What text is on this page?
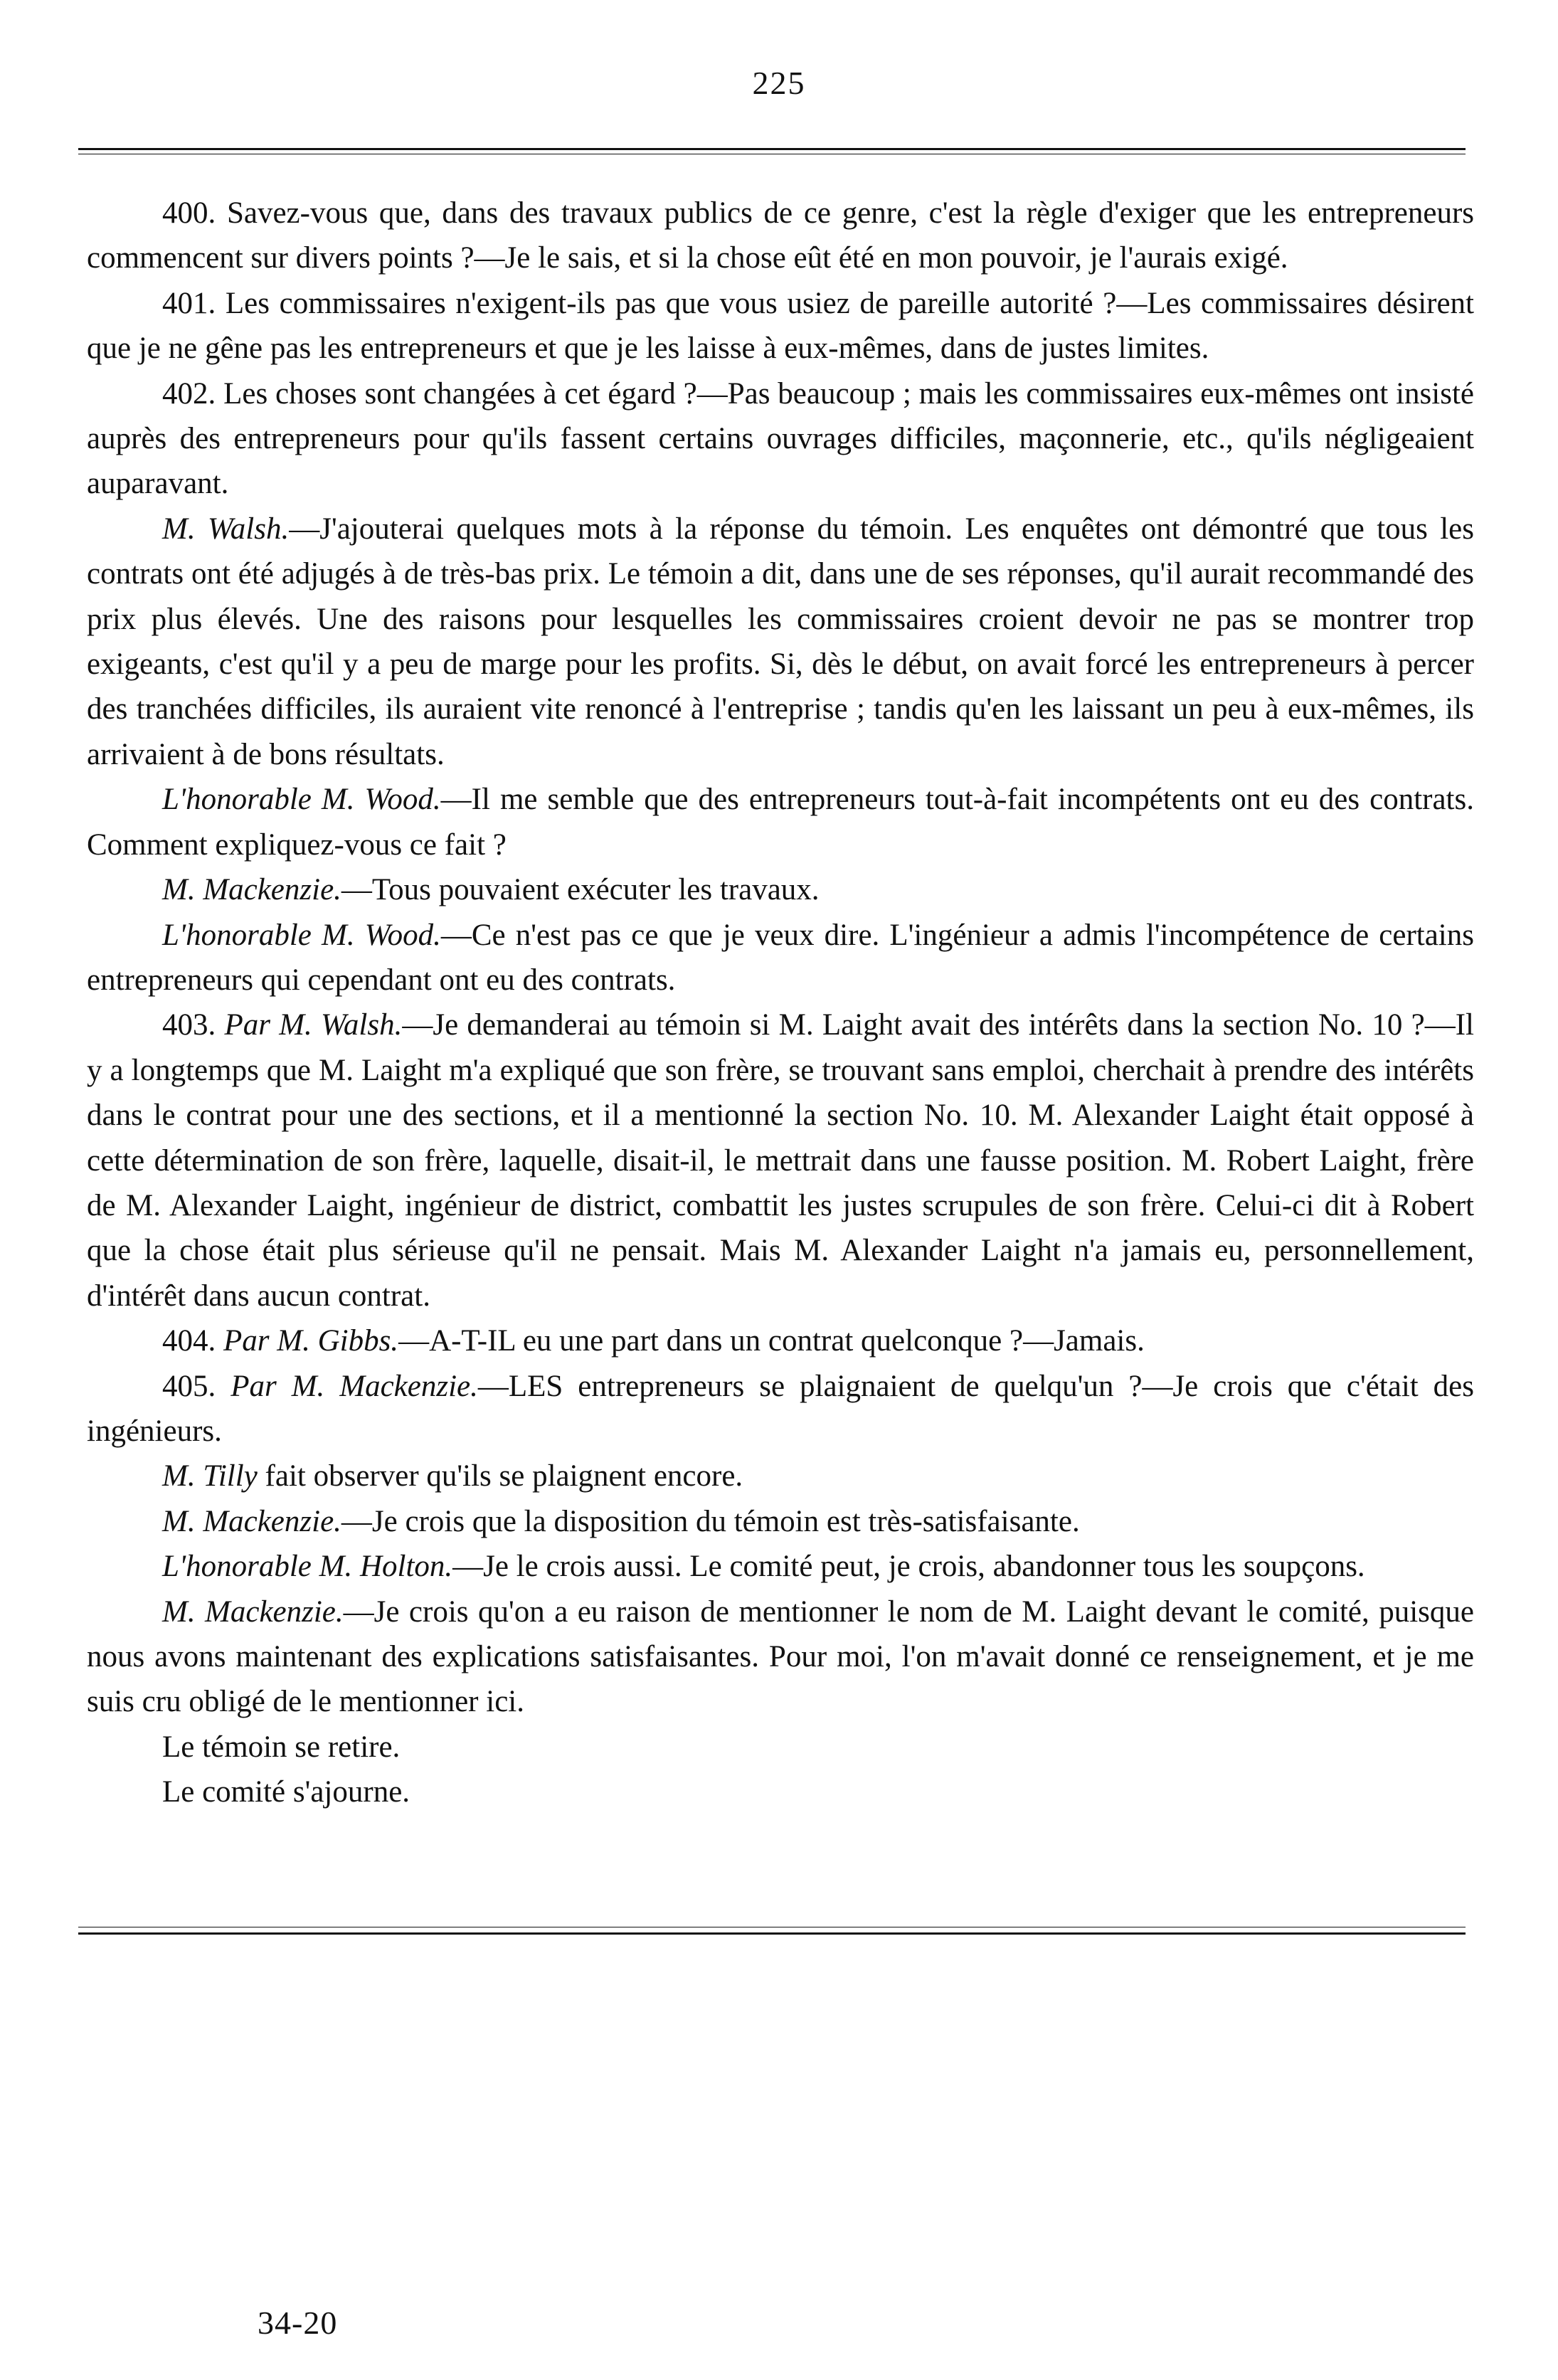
225

400. Savez-vous que, dans des travaux publics de ce genre, c'est la règle d'exiger que les entrepreneurs commencent sur divers points ?—Je le sais, et si la chose eût été en mon pouvoir, je l'aurais exigé.

401. Les commissaires n'exigent-ils pas que vous usiez de pareille autorité ?—Les commissaires désirent que je ne gêne pas les entrepreneurs et que je les laisse à eux-mêmes, dans de justes limites.

402. Les choses sont changées à cet égard ?—Pas beaucoup ; mais les commissaires eux-mêmes ont insisté auprès des entrepreneurs pour qu'ils fassent certains ouvrages difficiles, maçonnerie, etc., qu'ils négligeaient auparavant.

M. Walsh.—J'ajouterai quelques mots à la réponse du témoin. Les enquêtes ont démontré que tous les contrats ont été adjugés à de très-bas prix. Le témoin a dit, dans une de ses réponses, qu'il aurait recommandé des prix plus élevés. Une des raisons pour lesquelles les commissaires croient devoir ne pas se montrer trop exigeants, c'est qu'il y a peu de marge pour les profits. Si, dès le début, on avait forcé les entrepreneurs à percer des tranchées difficiles, ils auraient vite renoncé à l'entreprise ; tandis qu'en les laissant un peu à eux-mêmes, ils arrivaient à de bons résultats.

L'honorable M. Wood.—Il me semble que des entrepreneurs tout-à-fait incompétents ont eu des contrats. Comment expliquez-vous ce fait ?

M. Mackenzie.—Tous pouvaient exécuter les travaux.

L'honorable M. Wood.—Ce n'est pas ce que je veux dire. L'ingénieur a admis l'incompétence de certains entrepreneurs qui cependant ont eu des contrats.

403. Par M. Walsh.—Je demanderai au témoin si M. Laight avait des intérêts dans la section No. 10 ?—Il y a longtemps que M. Laight m'a expliqué que son frère, se trouvant sans emploi, cherchait à prendre des intérêts dans le contrat pour une des sections, et il a mentionné la section No. 10. M. Alexander Laight était opposé à cette détermination de son frère, laquelle, disait-il, le mettrait dans une fausse position. M. Robert Laight, frère de M. Alexander Laight, ingénieur de district, combattit les justes scrupules de son frère. Celui-ci dit à Robert que la chose était plus sérieuse qu'il ne pensait. Mais M. Alexander Laight n'a jamais eu, personnellement, d'intérêt dans aucun contrat.

404. Par M. Gibbs.—A-T-IL eu une part dans un contrat quelconque ?—Jamais.

405. Par M. Mackenzie.—LES entrepreneurs se plaignaient de quelqu'un ?—Je crois que c'était des ingénieurs.

M. Tilly fait observer qu'ils se plaignent encore.

M. Mackenzie.—Je crois que la disposition du témoin est très-satisfaisante.

L'honorable M. Holton.—Je le crois aussi. Le comité peut, je crois, abandonner tous les soupçons.

M. Mackenzie.—Je crois qu'on a eu raison de mentionner le nom de M. Laight devant le comité, puisque nous avons maintenant des explications satisfaisantes. Pour moi, l'on m'avait donné ce renseignement, et je me suis cru obligé de le mentionner ici.

Le témoin se retire.

Le comité s'ajourne.

34-20
